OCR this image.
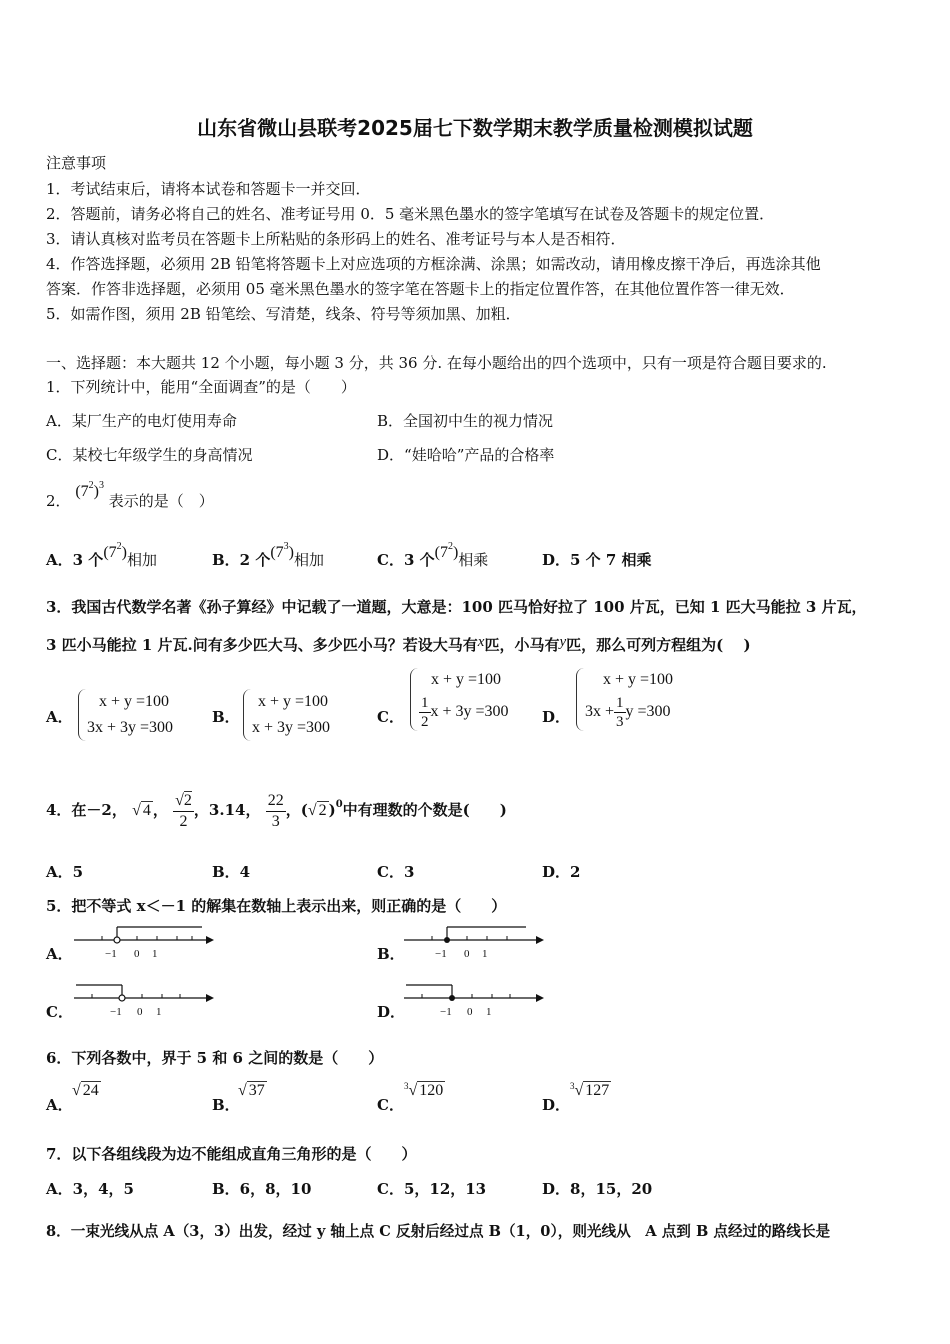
山东省微山县联考2025届七下数学期末教学质量检测模拟试题
注意事项
1．考试结束后，请将本试卷和答题卡一并交回．
2．答题前，请务必将自己的姓名、准考证号用 0．5 毫米黑色墨水的签字笔填写在试卷及答题卡的规定位置．
3．请认真核对监考员在答题卡上所粘贴的条形码上的姓名、准考证号与本人是否相符．
4．作答选择题，必须用 2B 铅笔将答题卡上对应选项的方框涂满、涂黑；如需改动，请用橡皮擦干净后，再选涂其他
答案．作答非选择题，必须用 05 毫米黑色墨水的签字笔在答题卡上的指定位置作答，在其他位置作答一律无效．
5．如需作图，须用 2B 铅笔绘、写清楚，线条、符号等须加黑、加粗．
一、选择题：本大题共 12 个小题，每小题 3 分，共 36 分. 在每小题给出的四个选项中，只有一项是符合题目要求的.
1．下列统计中，能用“全面调查”的是（　　）
A．某厂生产的电灯使用寿命	B．全国初中生的视力情况
C．某校七年级学生的身高情况	D．“娃哈哈”产品的合格率
2． $(7^2)^3$ 表示的是（　）
A．3 个$(7^2)$相加	B．2 个$(7^3)$相加	C．3 个$(7^2)$相乘	D．5 个 7 相乘
3．我国古代数学名著《孙子算经》中记载了一道题，大意是：100 匹马恰好拉了 100 片瓦，已知 1 匹大马能拉 3 片瓦，
3 匹小马能拉 1 片瓦.问有多少匹大马、多少匹小马？若设大马有x匹，小马有y匹，那么可列方程组为(　 )
A．
x + y =100
3x + 3y =300
B．
x + y =100
x + 3y =300
C．
x + y =100
$\frac{1}{2}$ x + 3y =300 D．
x + y =100
$3x + \frac{1}{3}$ y =300
4．在－2， √ 4 ， $\frac{√2}{2}$ ，3.14， $\frac{22}{3}$ ，(√ 2 )$^0$中有理数的个数是(　　)
A．5	B．4	C．3	D．2
5．把不等式 x＜－1 的解集在数轴上表示出来，则正确的是（　　）
A．	−1 0 1	B．	−1 0 1
C．	−1 0 1	D．	−1 0 1
6．下列各数中，界于 5 和 6 之间的数是（　　）
A．
√ 24
B．
√ 37
C．
$^3$√ 120
D．
$^3$√ 127
7．以下各组线段为边不能组成直角三角形的是（　　）
A．3，4，5	B．6，8，10	C．5，12，13	D．8，15，20
8．一束光线从点 A（3，3）出发，经过 y 轴上点 C 反射后经过点 B（1，0），则光线从　A 点到 B 点经过的路线长是
